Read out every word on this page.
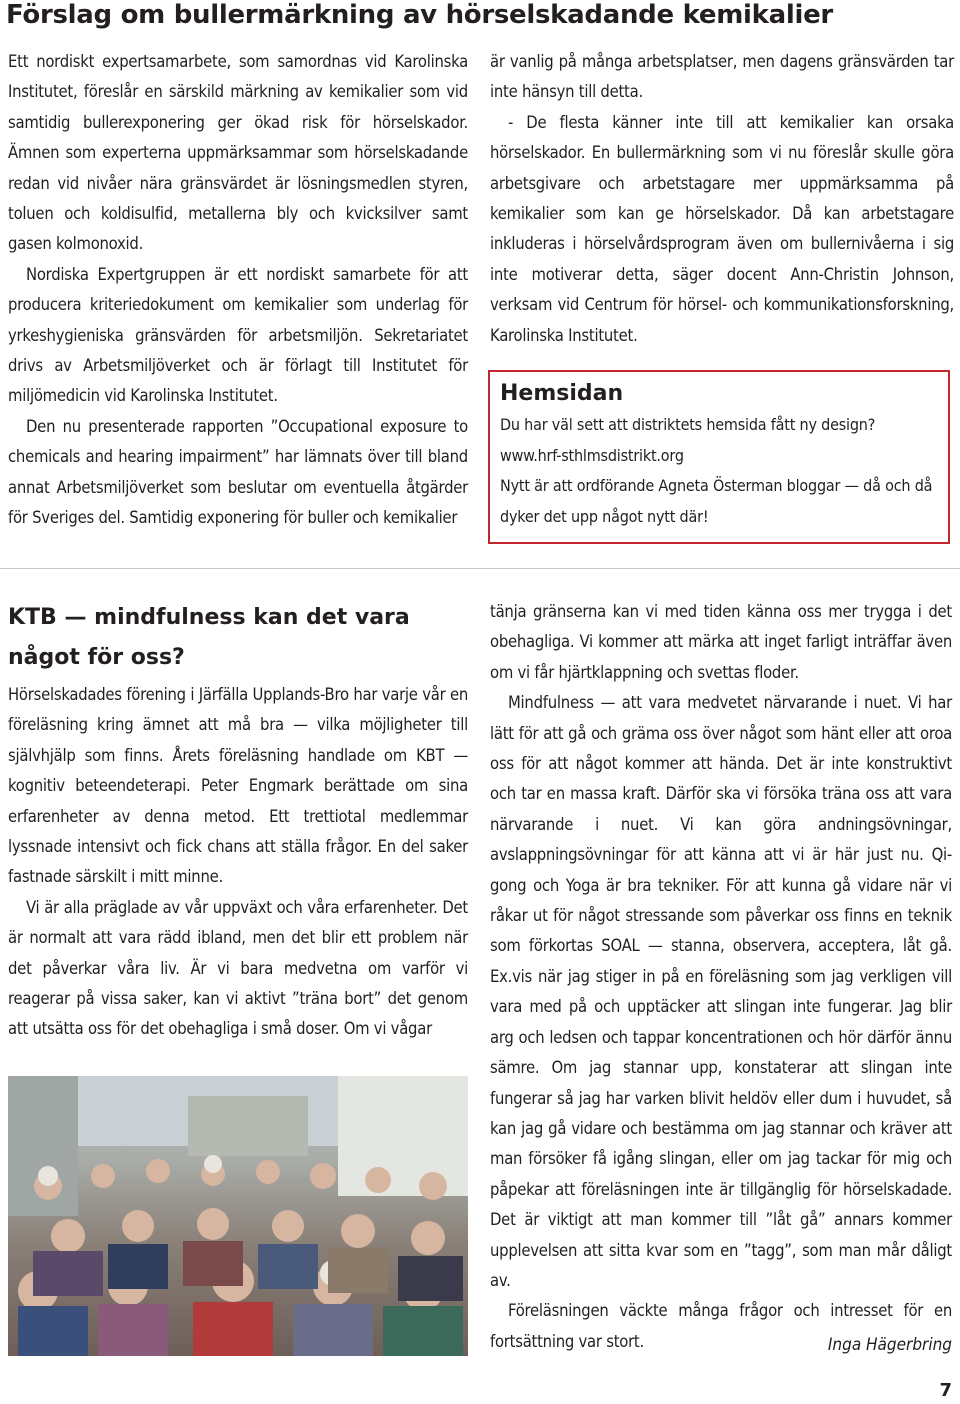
Förslag om bullermärkning av hörselskadande kemikalier

Ett nordiskt expertsamarbete, som samordnas vid Karolinska Institutet, föreslår en särskild märkning av kemikalier som vid samtidig bullerexponering ger ökad risk för hörselskador. Ämnen som experterna uppmärksammar som hörselskadande redan vid nivåer nära gränsvärdet är lösningsmedlen styren, toluen och koldisulfid, metallerna bly och kvicksilver samt gasen kolmonoxid.

Nordiska Expertgruppen är ett nordiskt samarbete för att producera kriteriedokument om kemikalier som underlag för yrkeshygieniska gränsvärden för arbetsmiljön. Sekretariatet drivs av Arbetsmiljöverket och är förlagt till Institutet för miljömedicin vid Karolinska Institutet.

Den nu presenterade rapporten ”Occupational exposure to chemicals and hearing impairment” har lämnats över till bland annat Arbetsmiljöverket som beslutar om eventuella åtgärder för Sveriges del. Samtidig exponering för buller och kemikalier

är vanlig på många arbetsplatser, men dagens gränsvärden tar inte hänsyn till detta.

- De flesta känner inte till att kemikalier kan orsaka hörselskador. En bullermärkning som vi nu föreslår skulle göra arbetsgivare och arbetstagare mer uppmärksamma på kemikalier som kan ge hörselskador. Då kan arbetstagare inkluderas i hörselvårdsprogram även om bullernivåerna i sig inte motiverar detta, säger docent Ann-Christin Johnson, verksam vid Centrum för hörsel- och kommunikationsforskning, Karolinska Institutet.

Hemsidan
Du har väl sett att distriktets hemsida fått ny design?
www.hrf-sthlmsdistrikt.org
Nytt är att ordförande Agneta Österman bloggar — då och då dyker det upp något nytt där!
KTB — mindfulness kan det vara något för oss?

Hörselskadades förening i Järfälla Upplands-Bro har varje vår en föreläsning kring ämnet att må bra — vilka möjligheter till självhjälp som finns. Årets föreläsning handlade om KBT — kognitiv beteendeterapi. Peter Engmark berättade om sina erfarenheter av denna metod. Ett trettiotal medlemmar lyssnade intensivt och fick chans att ställa frågor. En del saker fastnade särskilt i mitt minne.

Vi är alla präglade av vår uppväxt och våra erfarenheter. Det är normalt att vara rädd ibland, men det blir ett problem när det påverkar våra liv. Är vi bara medvetna om varför vi reagerar på vissa saker, kan vi aktivt ”träna bort” det genom att utsätta oss för det obehagliga i små doser. Om vi vågar

tänja gränserna kan vi med tiden känna oss mer trygga i det obehagliga. Vi kommer att märka att inget farligt inträffar även om vi får hjärtklappning och svettas floder.

Mindfulness — att vara medvetet närvarande i nuet. Vi har lätt för att gå och gräma oss över något som hänt eller att oroa oss för att något kommer att hända. Det är inte konstruktivt och tar en massa kraft. Därför ska vi försöka träna oss att vara närvarande i nuet. Vi kan göra andningsövningar, avslappningsövningar för att känna att vi är här just nu. Qi-gong och Yoga är bra tekniker. För att kunna gå vidare när vi råkar ut för något stressande som påverkar oss finns en teknik som förkortas SOAL — stanna, observera, acceptera, låt gå. Ex.vis när jag stiger in på en föreläsning som jag verkligen vill vara med på och upptäcker att slingan inte fungerar. Jag blir arg och ledsen och tappar koncentrationen och hör därför ännu sämre. Om jag stannar upp, konstaterar att slingan inte fungerar så jag har varken blivit heldöv eller dum i huvudet, så kan jag gå vidare och bestämma om jag stannar och kräver att man försöker få igång slingan, eller om jag tackar för mig och påpekar att föreläsningen inte är tillgänglig för hörselskadade. Det är viktigt att man kommer till ”låt gå” annars kommer upplevelsen att sitta kvar som en ”tagg”, som man mår dåligt av.

Föreläsningen väckte många frågor och intresset för en fortsättning var stort.	Inga Hägerbring
7
